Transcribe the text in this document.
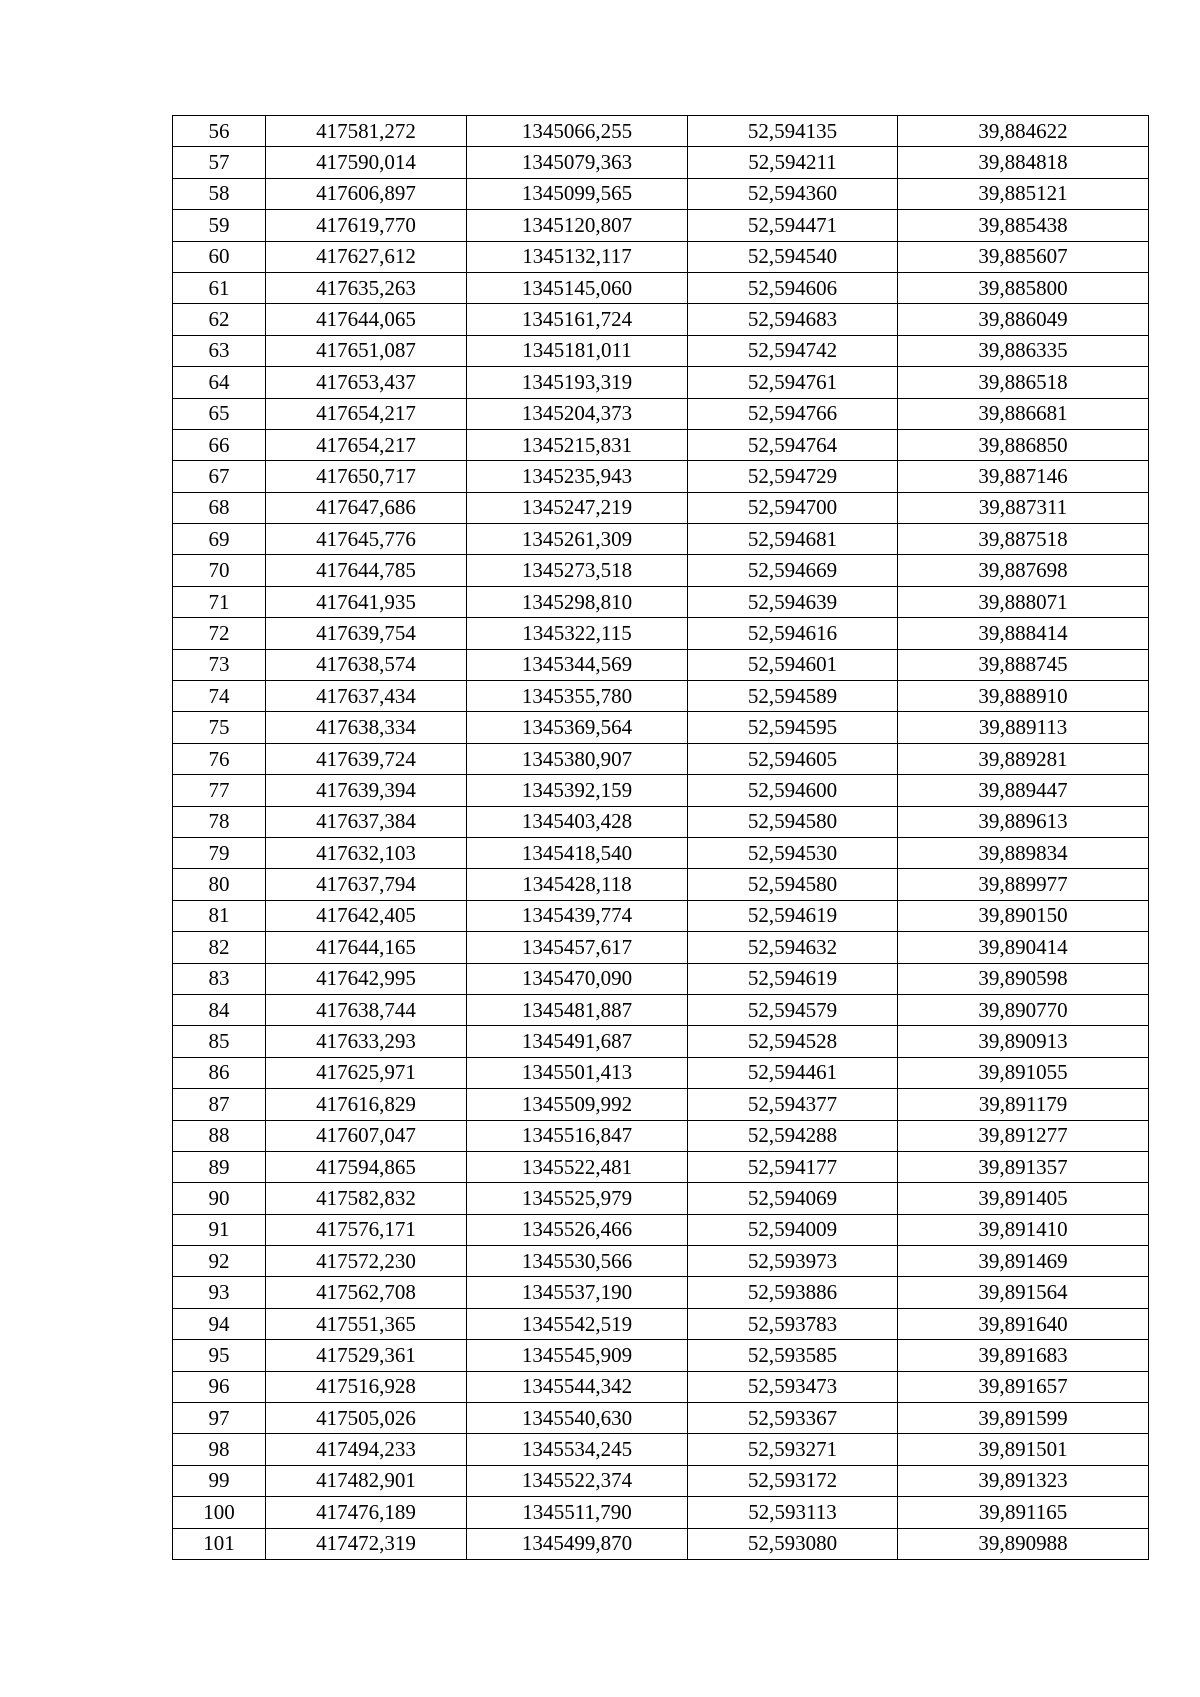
56	417581,272	1345066,255	52,594135	39,884622
57	417590,014	1345079,363	52,594211	39,884818
58	417606,897	1345099,565	52,594360	39,885121
59	417619,770	1345120,807	52,594471	39,885438
60	417627,612	1345132,117	52,594540	39,885607
61	417635,263	1345145,060	52,594606	39,885800
62	417644,065	1345161,724	52,594683	39,886049
63	417651,087	1345181,011	52,594742	39,886335
64	417653,437	1345193,319	52,594761	39,886518
65	417654,217	1345204,373	52,594766	39,886681
66	417654,217	1345215,831	52,594764	39,886850
67	417650,717	1345235,943	52,594729	39,887146
68	417647,686	1345247,219	52,594700	39,887311
69	417645,776	1345261,309	52,594681	39,887518
70	417644,785	1345273,518	52,594669	39,887698
71	417641,935	1345298,810	52,594639	39,888071
72	417639,754	1345322,115	52,594616	39,888414
73	417638,574	1345344,569	52,594601	39,888745
74	417637,434	1345355,780	52,594589	39,888910
75	417638,334	1345369,564	52,594595	39,889113
76	417639,724	1345380,907	52,594605	39,889281
77	417639,394	1345392,159	52,594600	39,889447
78	417637,384	1345403,428	52,594580	39,889613
79	417632,103	1345418,540	52,594530	39,889834
80	417637,794	1345428,118	52,594580	39,889977
81	417642,405	1345439,774	52,594619	39,890150
82	417644,165	1345457,617	52,594632	39,890414
83	417642,995	1345470,090	52,594619	39,890598
84	417638,744	1345481,887	52,594579	39,890770
85	417633,293	1345491,687	52,594528	39,890913
86	417625,971	1345501,413	52,594461	39,891055
87	417616,829	1345509,992	52,594377	39,891179
88	417607,047	1345516,847	52,594288	39,891277
89	417594,865	1345522,481	52,594177	39,891357
90	417582,832	1345525,979	52,594069	39,891405
91	417576,171	1345526,466	52,594009	39,891410
92	417572,230	1345530,566	52,593973	39,891469
93	417562,708	1345537,190	52,593886	39,891564
94	417551,365	1345542,519	52,593783	39,891640
95	417529,361	1345545,909	52,593585	39,891683
96	417516,928	1345544,342	52,593473	39,891657
97	417505,026	1345540,630	52,593367	39,891599
98	417494,233	1345534,245	52,593271	39,891501
99	417482,901	1345522,374	52,593172	39,891323
100	417476,189	1345511,790	52,593113	39,891165
101	417472,319	1345499,870	52,593080	39,890988
